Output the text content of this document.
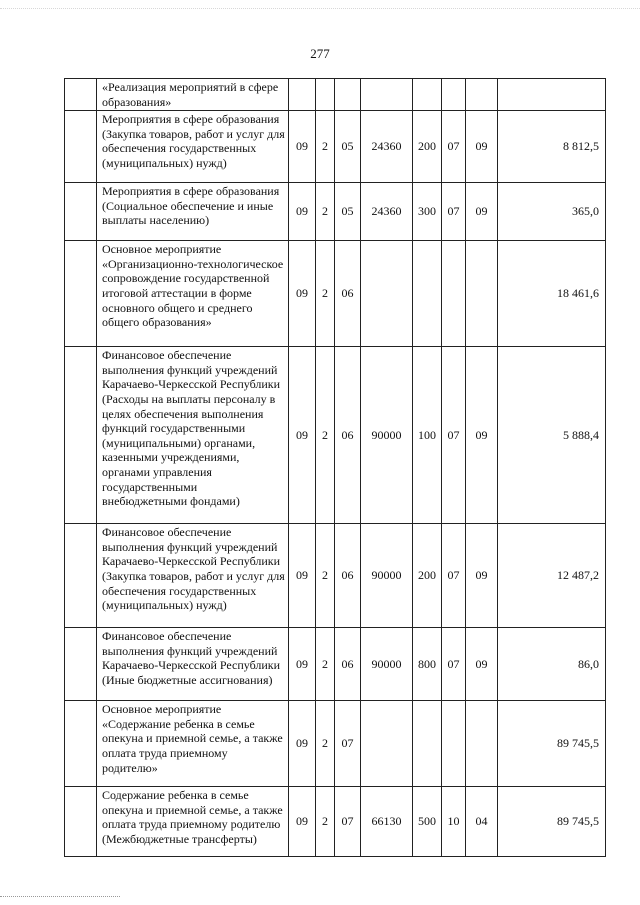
277
	«Реализация мероприятий в сфере образования»								
	Мероприятия в сфере образования (Закупка товаров, работ и услуг для обеспечения государственных (муниципальных) нужд)	09	2	05	24360	200	07	09	8 812,5
	Мероприятия в сфере образования (Социальное обеспечение и иные выплаты населению)	09	2	05	24360	300	07	09	365,0
	Основное мероприятие «Организационно-технологическое сопровождение государственной итоговой аттестации в форме основного общего и среднего общего образования»	09	2	06					18 461,6
	Финансовое обеспечение выполнения функций учреждений Карачаево-Черкесской Республики (Расходы на выплаты персоналу в целях обеспечения выполнения функций государственными (муниципальными) органами, казенными учреждениями, органами управления государственными внебюджетными фондами)	09	2	06	90000	100	07	09	5 888,4
	Финансовое обеспечение выполнения функций учреждений Карачаево-Черкесской Республики (Закупка товаров, работ и услуг для обеспечения государственных (муниципальных) нужд)	09	2	06	90000	200	07	09	12 487,2
	Финансовое обеспечение выполнения функций учреждений Карачаево-Черкесской Республики (Иные бюджетные ассигнования)	09	2	06	90000	800	07	09	86,0
	Основное мероприятие «Содержание ребенка в семье опекуна и приемной семье, а также оплата труда приемному родителю»	09	2	07					89 745,5
	Содержание ребенка в семье опекуна и приемной семье, а также оплата труда приемному родителю (Межбюджетные трансферты)	09	2	07	66130	500	10	04	89 745,5
